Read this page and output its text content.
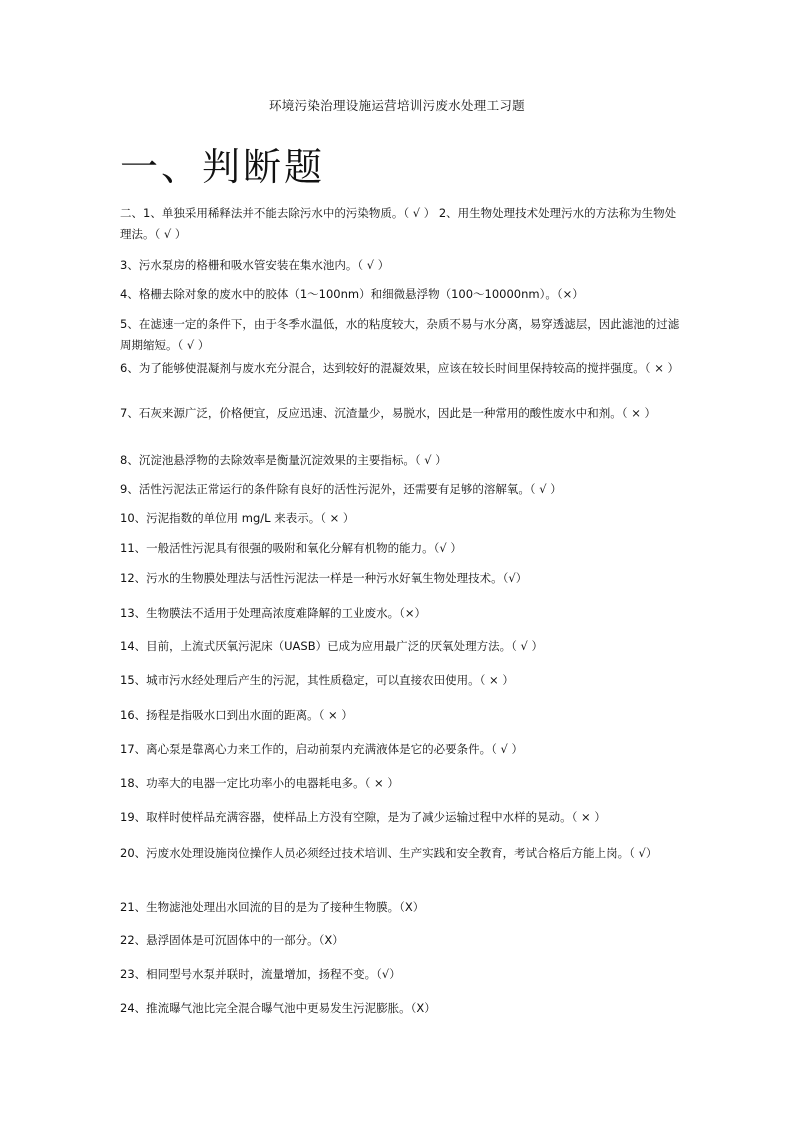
环境污染治理设施运营培训污废水处理工习题
一、判断题
二、1、单独采用稀释法并不能去除污水中的污染物质。（ √ ） 2、用生物处理技术处理污水的方法称为生物处理法。（ √ ）
3、污水泵房的格栅和吸水管安装在集水池内。（ √ ）
4、格栅去除对象的废水中的胶体（1～100nm）和细微悬浮物（100～10000nm）。（×）
5、在滤速一定的条件下，由于冬季水温低，水的粘度较大，杂质不易与水分离，易穿透滤层，因此滤池的过滤周期缩短。（ √ ）
6、为了能够使混凝剂与废水充分混合，达到较好的混凝效果，应该在较长时间里保持较高的搅拌强度。（ × ）
7、石灰来源广泛，价格便宜，反应迅速、沉渣量少，易脱水，因此是一种常用的酸性废水中和剂。（ × ）
8、沉淀池悬浮物的去除效率是衡量沉淀效果的主要指标。（ √ ）
9、活性污泥法正常运行的条件除有良好的活性污泥外，还需要有足够的溶解氧。（ √ ）
10、污泥指数的单位用 mg/L 来表示。（ × ）
11、一般活性污泥具有很强的吸附和氧化分解有机物的能力。（√ ）
12、污水的生物膜处理法与活性污泥法一样是一种污水好氧生物处理技术。（√）
13、生物膜法不适用于处理高浓度难降解的工业废水。（×）
14、目前，上流式厌氧污泥床（UASB）已成为应用最广泛的厌氧处理方法。（ √ ）
15、城市污水经处理后产生的污泥，其性质稳定，可以直接农田使用。（ × ）
16、扬程是指吸水口到出水面的距离。（ × ）
17、离心泵是靠离心力来工作的，启动前泵内充满液体是它的必要条件。（ √ ）
18、功率大的电器一定比功率小的电器耗电多。（ × ）
19、取样时使样品充满容器，使样品上方没有空隙，是为了减少运输过程中水样的晃动。（ × ）
20、污废水处理设施岗位操作人员必须经过技术培训、生产实践和安全教育，考试合格后方能上岗。（ √）
21、生物滤池处理出水回流的目的是为了接种生物膜。（X）
22、悬浮固体是可沉固体中的一部分。（X）
23、相同型号水泵并联时，流量增加，扬程不变。（√）
24、推流曝气池比完全混合曝气池中更易发生污泥膨胀。（X）
